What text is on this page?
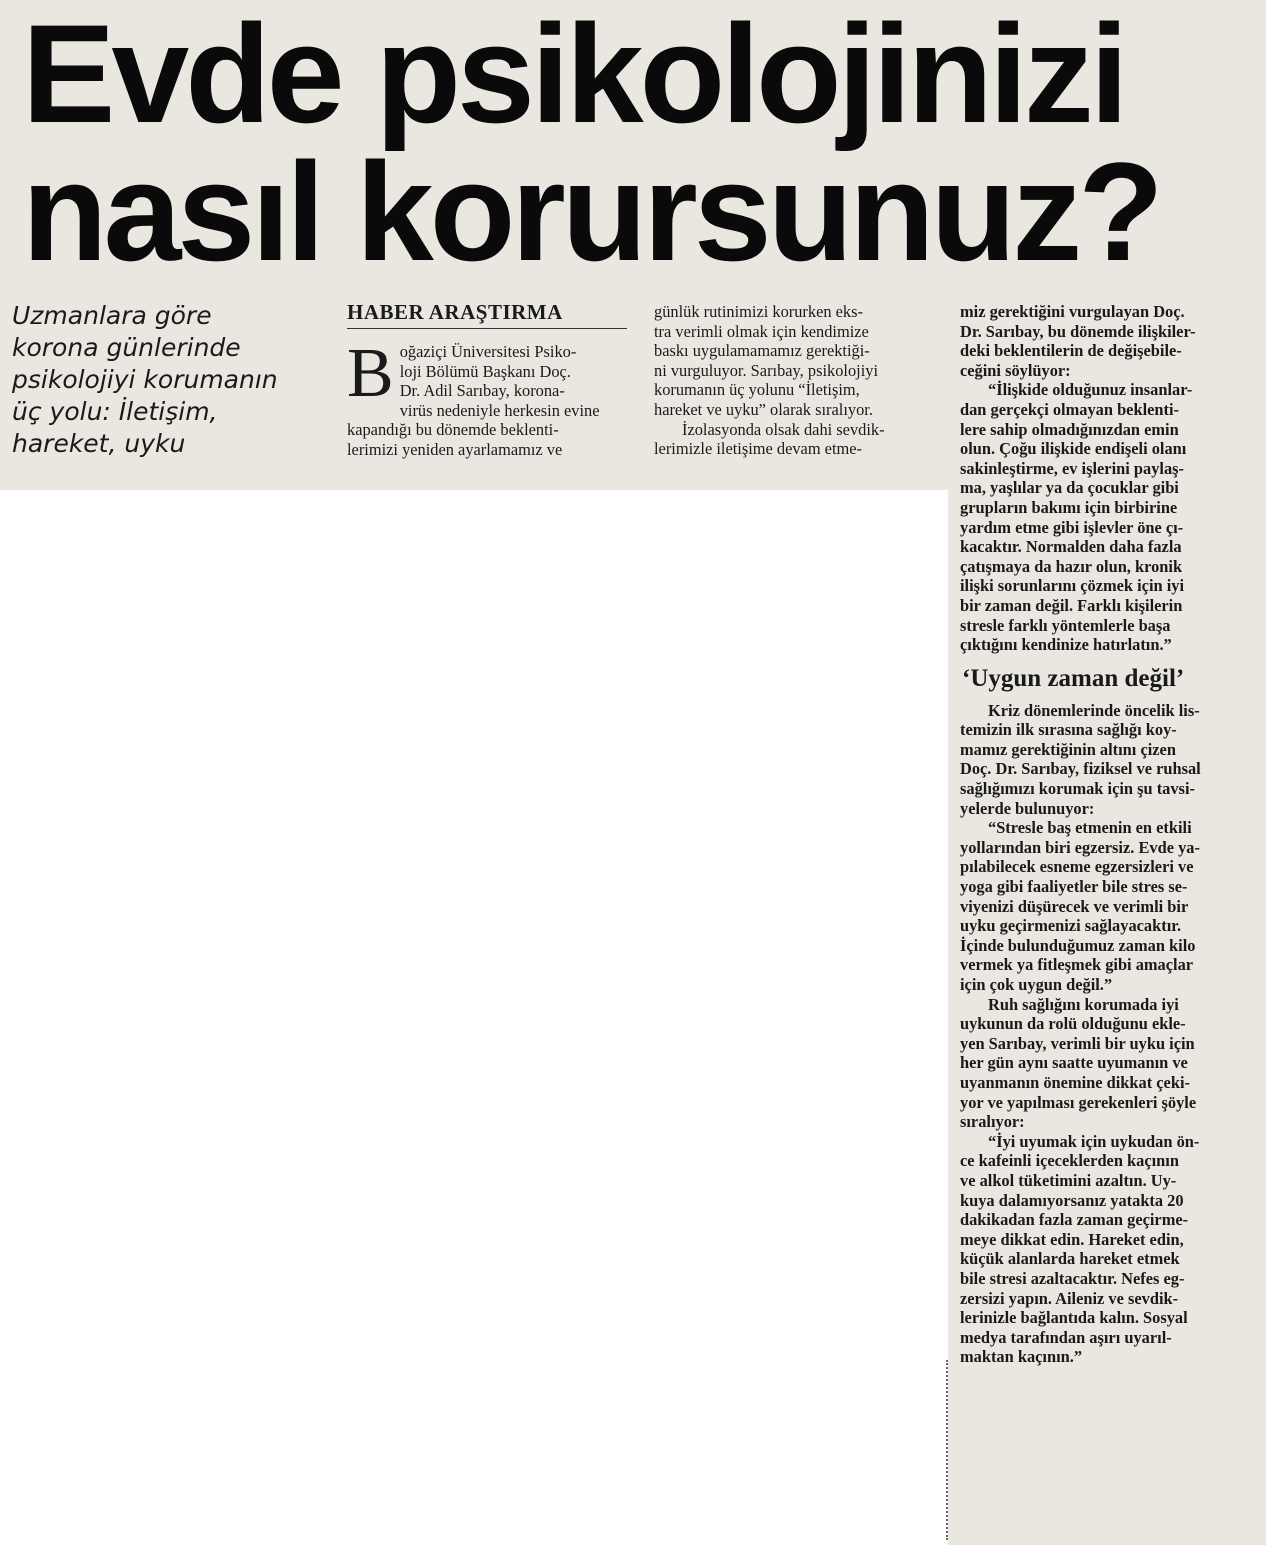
Evde psikolojinizi
nasıl korursunuz?
Uzmanlara göre
korona günlerinde
psikolojiyi korumanın
üç yolu: İletişim,
hareket, uyku
HABER ARAŞTIRMA
B oğaziçi Üniversitesi Psiko-
loji Bölümü Başkanı Doç.
Dr. Adil Sarıbay, korona-
virüs nedeniyle herkesin evine
kapandığı bu dönemde beklenti-
lerimizi yeniden ayarlamamız ve
günlük rutinimizi korurken eks-
tra verimli olmak için kendimize
baskı uygulamamamız gerektiği-
ni vurguluyor. Sarıbay, psikolojiyi
korumanın üç yolunu “İletişim,
hareket ve uyku” olarak sıralıyor.
İzolasyonda olsak dahi sevdik-
lerimizle iletişime devam etme-
miz gerektiğini vurgulayan Doç.
Dr. Sarıbay, bu dönemde ilişkiler-
deki beklentilerin de değişebile-
ceğini söylüyor:
“İlişkide olduğunuz insanlar-
dan gerçekçi olmayan beklenti-
lere sahip olmadığınızdan emin
olun. Çoğu ilişkide endişeli olanı
sakinleştirme, ev işlerini paylaş-
ma, yaşlılar ya da çocuklar gibi
grupların bakımı için birbirine
yardım etme gibi işlevler öne çı-
kacaktır. Normalden daha fazla
çatışmaya da hazır olun, kronik
ilişki sorunlarını çözmek için iyi
bir zaman değil. Farklı kişilerin
stresle farklı yöntemlerle başa
çıktığını kendinize hatırlatın.”
‘Uygun zaman değil’
Kriz dönemlerinde öncelik lis-
temizin ilk sırasına sağlığı koy-
mamız gerektiğinin altını çizen
Doç. Dr. Sarıbay, fiziksel ve ruhsal
sağlığımızı korumak için şu tavsi-
yelerde bulunuyor:
“Stresle baş etmenin en etkili
yollarından biri egzersiz. Evde ya-
pılabilecek esneme egzersizleri ve
yoga gibi faaliyetler bile stres se-
viyenizi düşürecek ve verimli bir
uyku geçirmenizi sağlayacaktır.
İçinde bulunduğumuz zaman kilo
vermek ya fitleşmek gibi amaçlar
için çok uygun değil.”
Ruh sağlığını korumada iyi
uykunun da rolü olduğunu ekle-
yen Sarıbay, verimli bir uyku için
her gün aynı saatte uyumanın ve
uyanmanın önemine dikkat çeki-
yor ve yapılması gerekenleri şöyle
sıralıyor:
“İyi uyumak için uykudan ön-
ce kafeinli içeceklerden kaçının
ve alkol tüketimini azaltın. Uy-
kuya dalamıyorsanız yatakta 20
dakikadan fazla zaman geçirme-
meye dikkat edin. Hareket edin,
küçük alanlarda hareket etmek
bile stresi azaltacaktır. Nefes eg-
zersizi yapın. Aileniz ve sevdik-
lerinizle bağlantıda kalın. Sosyal
medya tarafından aşırı uyarıl-
maktan kaçının.”
